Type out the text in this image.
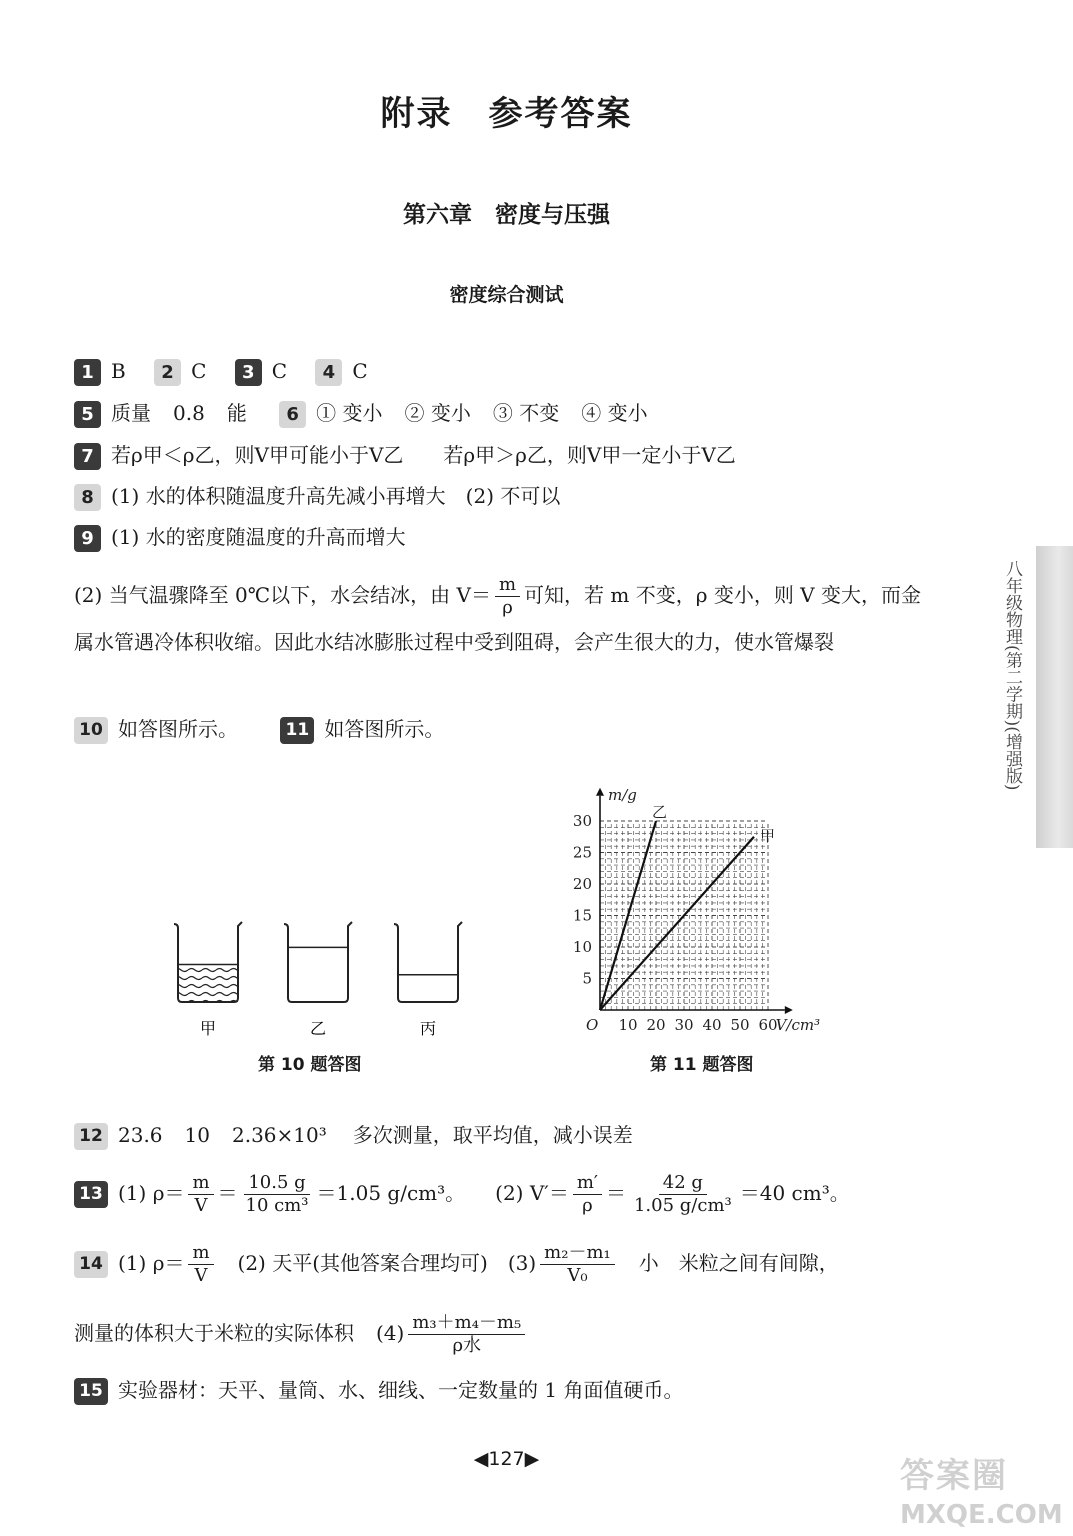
附录　参考答案
第六章　密度与压强
密度综合测试
1 B 2 C 3 C 4 C
5 质量 0.8 能 6 ① 变小 ② 变小 ③ 不变 ④ 变小
7 若ρ甲＜ρ乙，则V甲可能小于V乙　　若ρ甲＞ρ乙，则V甲一定小于V乙
8 (1) 水的体积随温度升高先减小再增大　(2) 不可以
9 (1) 水的密度随温度的升高而增大
(2) 当气温骤降至 0℃以下，水会结冰，由 $V= \frac{m}{\rho}$ 可知，若 m 不变，ρ 变小，则 V 变大，而金属水管遇冷体积收缩。因此水结冰膨胀过程中受到阻碍，会产生很大的力，使水管爆裂
10 如答图所示。	11 如答图所示。
甲	乙	丙
第 10 题答图
O
m/g
V/cm³
10 20 30 40 50 60
5
10
15
20
25
30	乙
甲
第 11 题答图
12 23.6 10 2.36×10³ 多次测量，取平均值，减小误差
13 (1) $\rho= \frac{m}{V} = \frac{10.5 g}{\text{10 cm³}} =1.05$ g/cm³。 (2) $V'= \frac{m'}{\rho} = \frac{42 g}{\text{1.05 g/cm³}} =40$ cm³。
14 (1) $\rho= \frac{m}{V} (2)$ 天平(其他答案合理均可) $(3) \frac{\text{m₂－m₁}}{\text{V₀}}$ 小　米粒之间有间隙，
测量的体积大于米粒的实际体积 $(4) \frac{\text{m₃＋m₄－m₅}}{\text{ρ水}}$
15 实验器材：天平、量筒、水、细线、一定数量的 1 角面值硬币。
◀127▶
八年级物理(第二学期)(增强版)
答案圈
MXQE.COM
